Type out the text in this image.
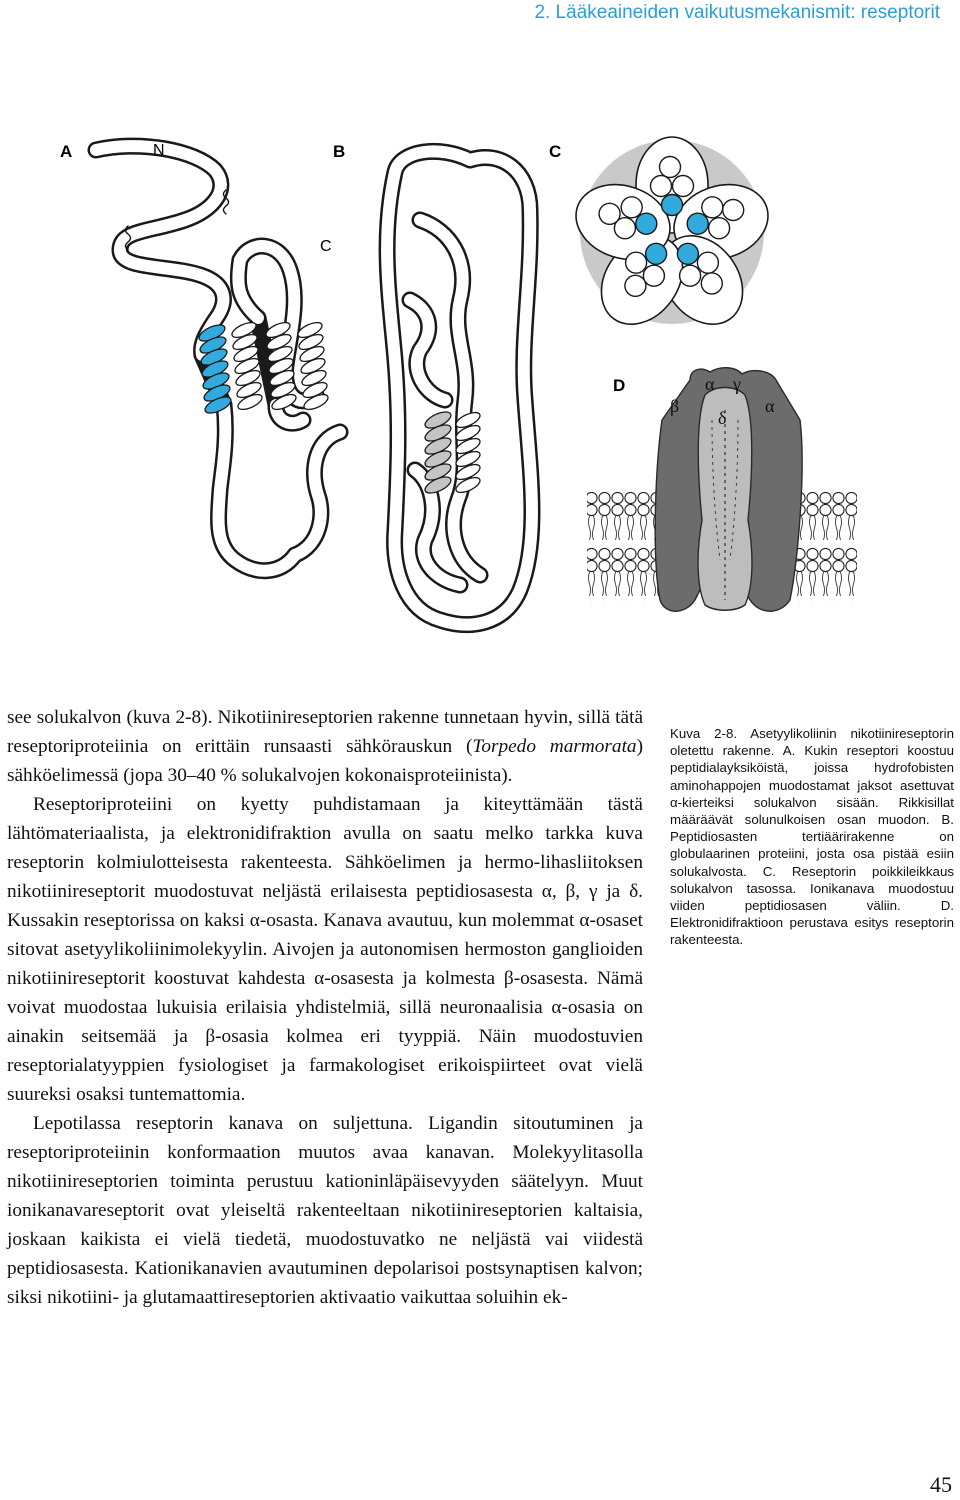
2. Lääkeaineiden vaikutusmekanismit: reseptorit
A	N	B	C
C
D
β
α γ
δ
α

see solukalvon (kuva 2-8). Nikotiinireseptorien rakenne tunnetaan hyvin, sillä tätä reseptoriproteiinia on erittäin runsaasti sähkörauskun (Torpedo marmorata) sähköelimessä (jopa 30–40 % solukalvojen kokonaisproteiinista).

Reseptoriproteiini on kyetty puhdistamaan ja kiteyttämään tästä lähtömateriaalista, ja elektronidifraktion avulla on saatu melko tarkka kuva reseptorin kolmiulotteisesta rakenteesta. Sähköelimen ja hermo-lihasliitoksen nikotiinireseptorit muodostuvat neljästä erilaisesta peptidiosasesta α, β, γ ja δ. Kussakin reseptorissa on kaksi α-osasta. Kanava avautuu, kun molemmat α-osaset sitovat asetyylikoliinimolekyylin. Aivojen ja autonomisen hermoston ganglioiden nikotiinireseptorit koostuvat kahdesta α-osasesta ja kolmesta β-osasesta. Nämä voivat muodostaa lukuisia erilaisia yhdistelmiä, sillä neuronaalisia α-osasia on ainakin seitsemää ja β-osasia kolmea eri tyyppiä. Näin muodostuvien reseptorialatyyppien fysiologiset ja farmakologiset erikoispiirteet ovat vielä suureksi osaksi tuntemattomia.

Lepotilassa reseptorin kanava on suljettuna. Ligandin sitoutuminen ja reseptoriproteiinin konformaation muutos avaa kanavan. Molekyylitasolla nikotiinireseptorien toiminta perustuu kationinläpäisevyyden säätelyyn. Muut ionikanavareseptorit ovat yleiseltä rakenteeltaan nikotiinireseptorien kaltaisia, joskaan kaikista ei vielä tiedetä, muodostuvatko ne neljästä vai viidestä peptidiosasesta. Kationikanavien avautuminen depolarisoi postsynaptisen kalvon; siksi nikotiini- ja glutamaattireseptorien aktivaatio vaikuttaa soluihin ek-

Kuva 2-8. Asetyylikoliinin nikotiinireseptorin oletettu rakenne. A. Kukin reseptori koostuu peptidialayksiköistä, joissa hydrofobisten aminohappojen muodostamat jaksot asettuvat α-kierteiksi solukalvon sisään. Rikkisillat määräävät solunulkoisen osan muodon. B. Peptidiosasten tertiäärirakenne on globulaarinen proteiini, josta osa pistää esiin solukalvosta. C. Reseptorin poikkileikkaus solukalvon tasossa. Ionikanava muodostuu viiden peptidiosasen väliin. D. Elektronidifraktioon perustava esitys reseptorin rakenteesta.
45
